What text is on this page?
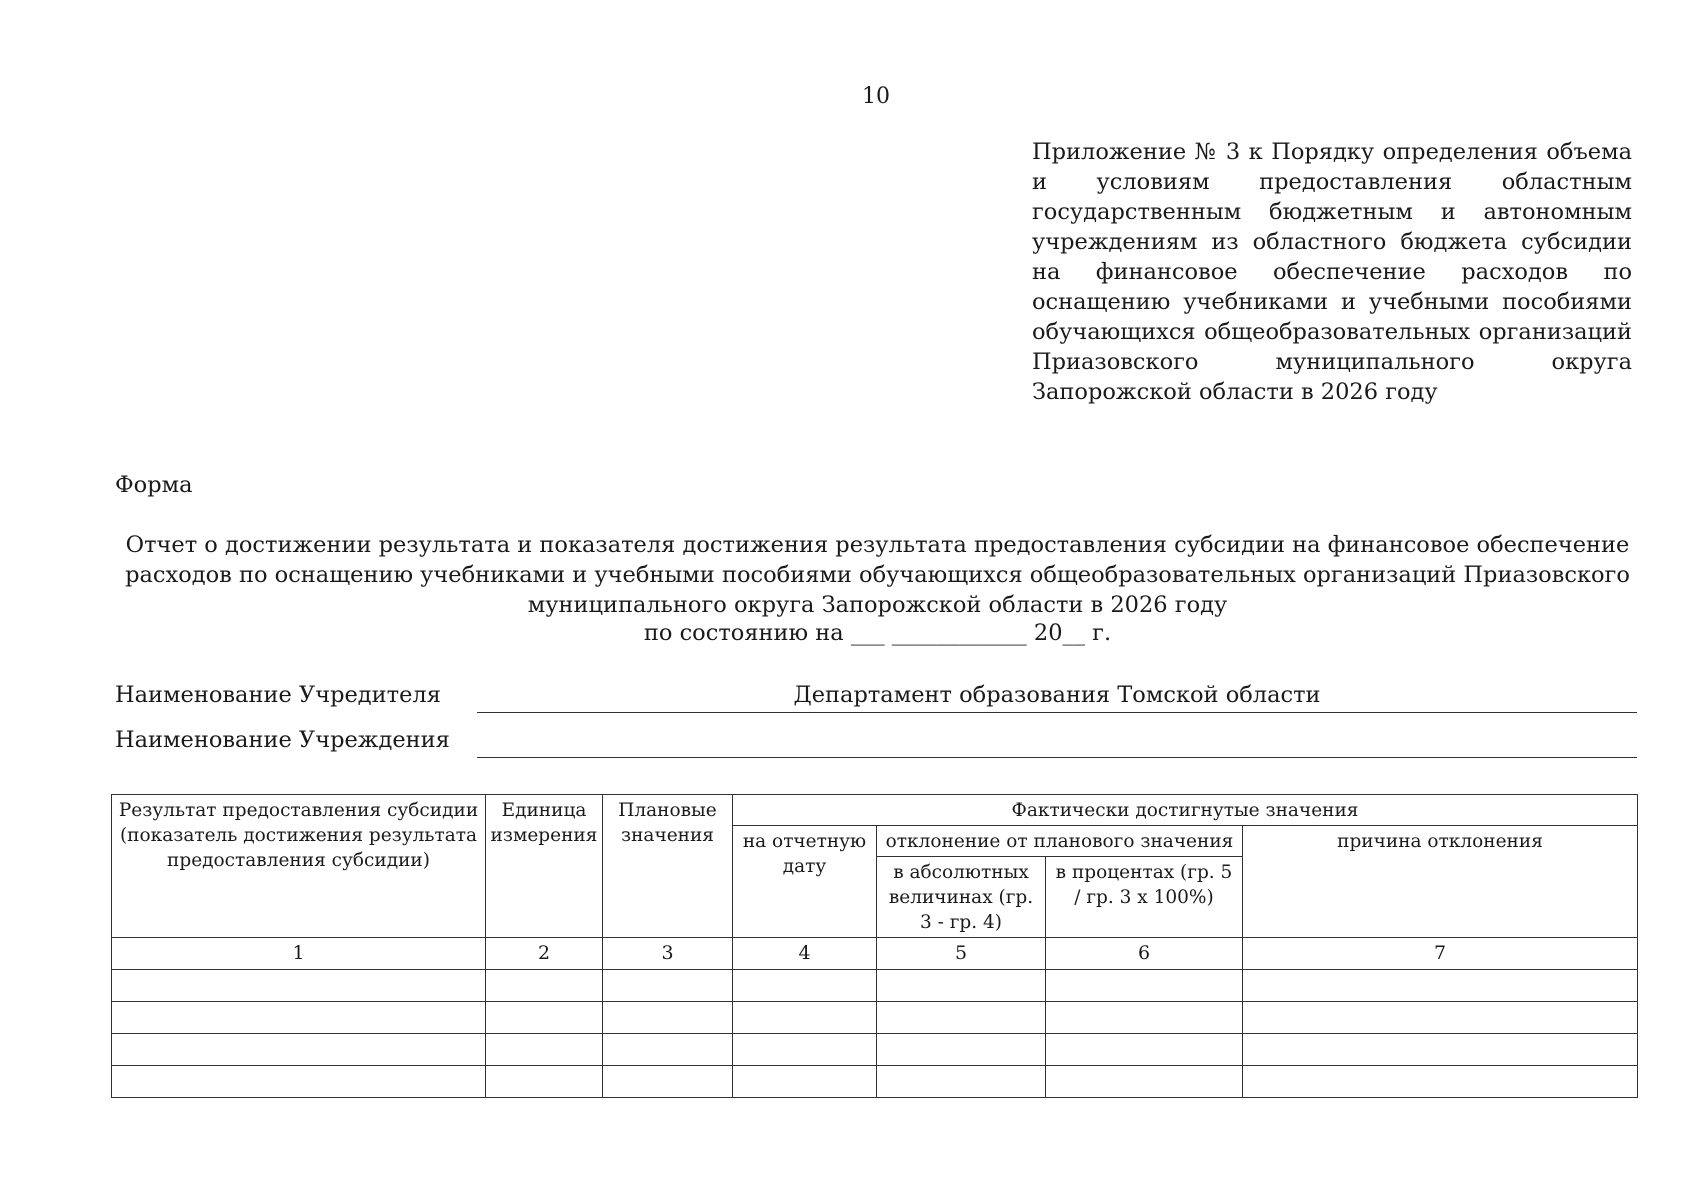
10
Приложение № 3 к Порядку определения объема и условиям предоставления областным государственным бюджетным и автономным учреждениям из областного бюджета субсидии на финансовое обеспечение расходов по оснащению учебниками и учебными пособиями обучающихся общеобразовательных организаций Приазовского муниципального округа Запорожской области в 2026 году
Форма
Отчет о достижении результата и показателя достижения результата предоставления субсидии на финансовое обеспечение расходов по оснащению учебниками и учебными пособиями обучающихся общеобразовательных организаций Приазовского муниципального округа Запорожской области в 2026 году
по состоянию на ___ ____________ 20__ г.
Наименование Учредителя	Департамент образования Томской области
Наименование Учреждения
Результат предоставления субсидии (показатель достижения результата предоставления субсидии)	Единица измерения	Плановые значения	Фактически достигнутые значения			
			на отчетную дату	отклонение от планового значения		причина отклонения
				в абсолютных величинах (гр. 3 - гр. 4)	в процентах (гр. 5 / гр. 3 x 100%)	
1	2	3	4	5	6	7
